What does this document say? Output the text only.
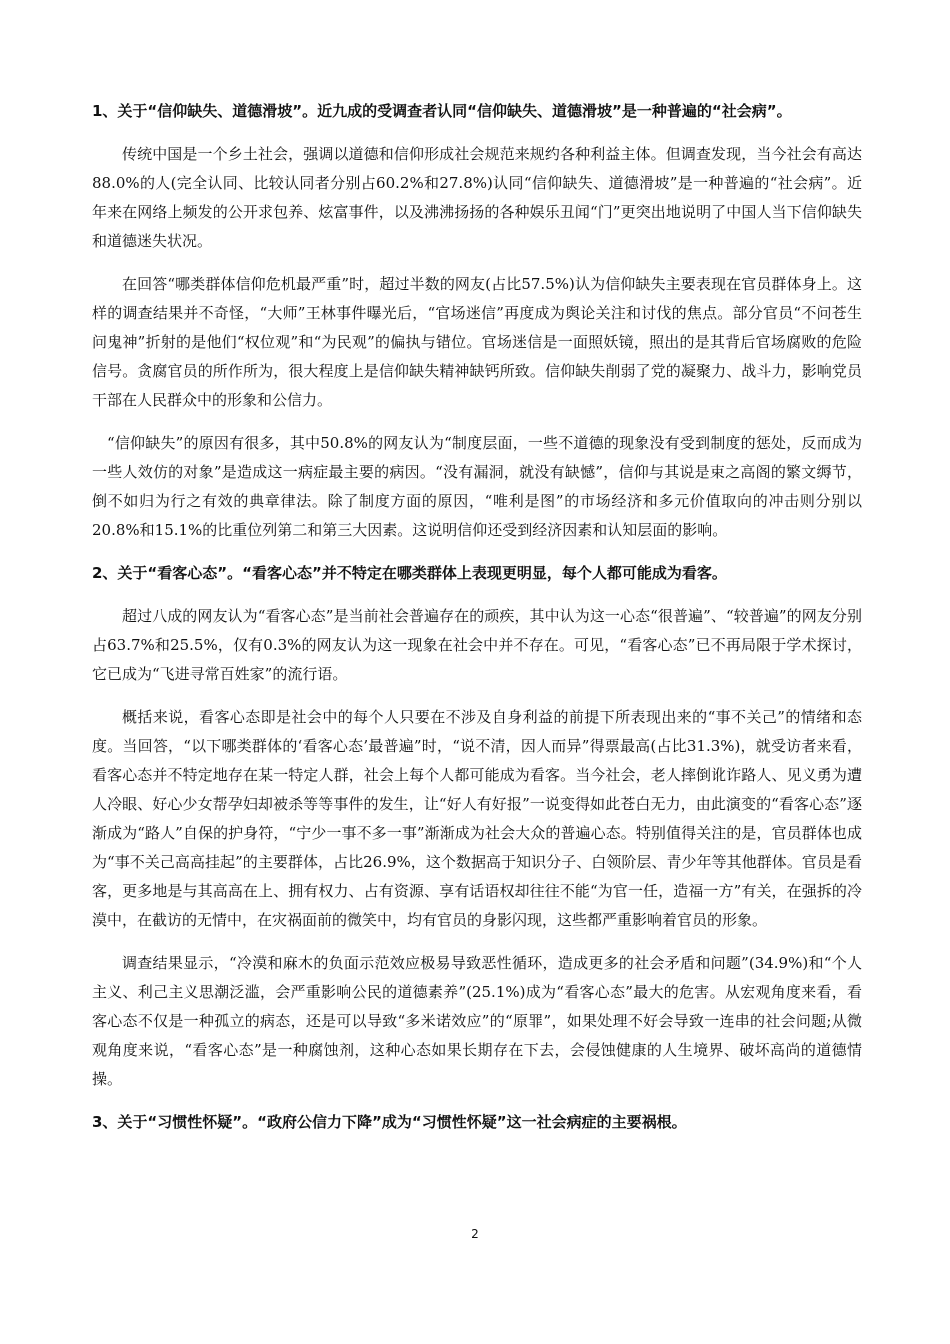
1、关于“信仰缺失、道德滑坡”。近九成的受调查者认同“信仰缺失、道德滑坡”是一种普遍的“社会病”。
传统中国是一个乡土社会，强调以道德和信仰形成社会规范来规约各种利益主体。但调查发现，当今社会有高达88.0%的人(完全认同、比较认同者分别占60.2%和27.8%)认同“信仰缺失、道德滑坡”是一种普遍的“社会病”。近年来在网络上频发的公开求包养、炫富事件，以及沸沸扬扬的各种娱乐丑闻“门”更突出地说明了中国人当下信仰缺失和道德迷失状况。
在回答“哪类群体信仰危机最严重”时，超过半数的网友(占比57.5%)认为信仰缺失主要表现在官员群体身上。这样的调查结果并不奇怪，“大师”王林事件曝光后，“官场迷信”再度成为舆论关注和讨伐的焦点。部分官员“不问苍生问鬼神”折射的是他们“权位观”和“为民观”的偏执与错位。官场迷信是一面照妖镜，照出的是其背后官场腐败的危险信号。贪腐官员的所作所为，很大程度上是信仰缺失精神缺钙所致。信仰缺失削弱了党的凝聚力、战斗力，影响党员干部在人民群众中的形象和公信力。
“信仰缺失”的原因有很多，其中50.8%的网友认为“制度层面，一些不道德的现象没有受到制度的惩处，反而成为一些人效仿的对象”是造成这一病症最主要的病因。“没有漏洞，就没有缺憾”，信仰与其说是束之高阁的繁文缛节，倒不如归为行之有效的典章律法。除了制度方面的原因，“唯利是图”的市场经济和多元价值取向的冲击则分别以20.8%和15.1%的比重位列第二和第三大因素。这说明信仰还受到经济因素和认知层面的影响。
2、关于“看客心态”。“看客心态”并不特定在哪类群体上表现更明显，每个人都可能成为看客。
超过八成的网友认为“看客心态”是当前社会普遍存在的顽疾，其中认为这一心态“很普遍”、“较普遍”的网友分别占63.7%和25.5%，仅有0.3%的网友认为这一现象在社会中并不存在。可见，“看客心态”已不再局限于学术探讨，它已成为“飞进寻常百姓家”的流行语。
概括来说，看客心态即是社会中的每个人只要在不涉及自身利益的前提下所表现出来的“事不关己”的情绪和态度。当回答，“以下哪类群体的‘看客心态’最普遍”时，“说不清，因人而异”得票最高(占比31.3%)，就受访者来看，看客心态并不特定地存在某一特定人群，社会上每个人都可能成为看客。当今社会，老人摔倒讹诈路人、见义勇为遭人冷眼、好心少女帮孕妇却被杀等等事件的发生，让“好人有好报”一说变得如此苍白无力，由此演变的“看客心态”逐渐成为“路人”自保的护身符，“宁少一事不多一事”渐渐成为社会大众的普遍心态。特别值得关注的是，官员群体也成为“事不关己高高挂起”的主要群体，占比26.9%，这个数据高于知识分子、白领阶层、青少年等其他群体。官员是看客，更多地是与其高高在上、拥有权力、占有资源、享有话语权却往往不能“为官一任，造福一方”有关，在强拆的冷漠中，在截访的无情中，在灾祸面前的微笑中，均有官员的身影闪现，这些都严重影响着官员的形象。
调查结果显示，“冷漠和麻木的负面示范效应极易导致恶性循环，造成更多的社会矛盾和问题”(34.9%)和“个人主义、利己主义思潮泛滥，会严重影响公民的道德素养”(25.1%)成为“看客心态”最大的危害。从宏观角度来看，看客心态不仅是一种孤立的病态，还是可以导致“多米诺效应”的“原罪”，如果处理不好会导致一连串的社会问题;从微观角度来说，“看客心态”是一种腐蚀剂，这种心态如果长期存在下去，会侵蚀健康的人生境界、破坏高尚的道德情操。
3、关于“习惯性怀疑”。“政府公信力下降”成为“习惯性怀疑”这一社会病症的主要祸根。
2
